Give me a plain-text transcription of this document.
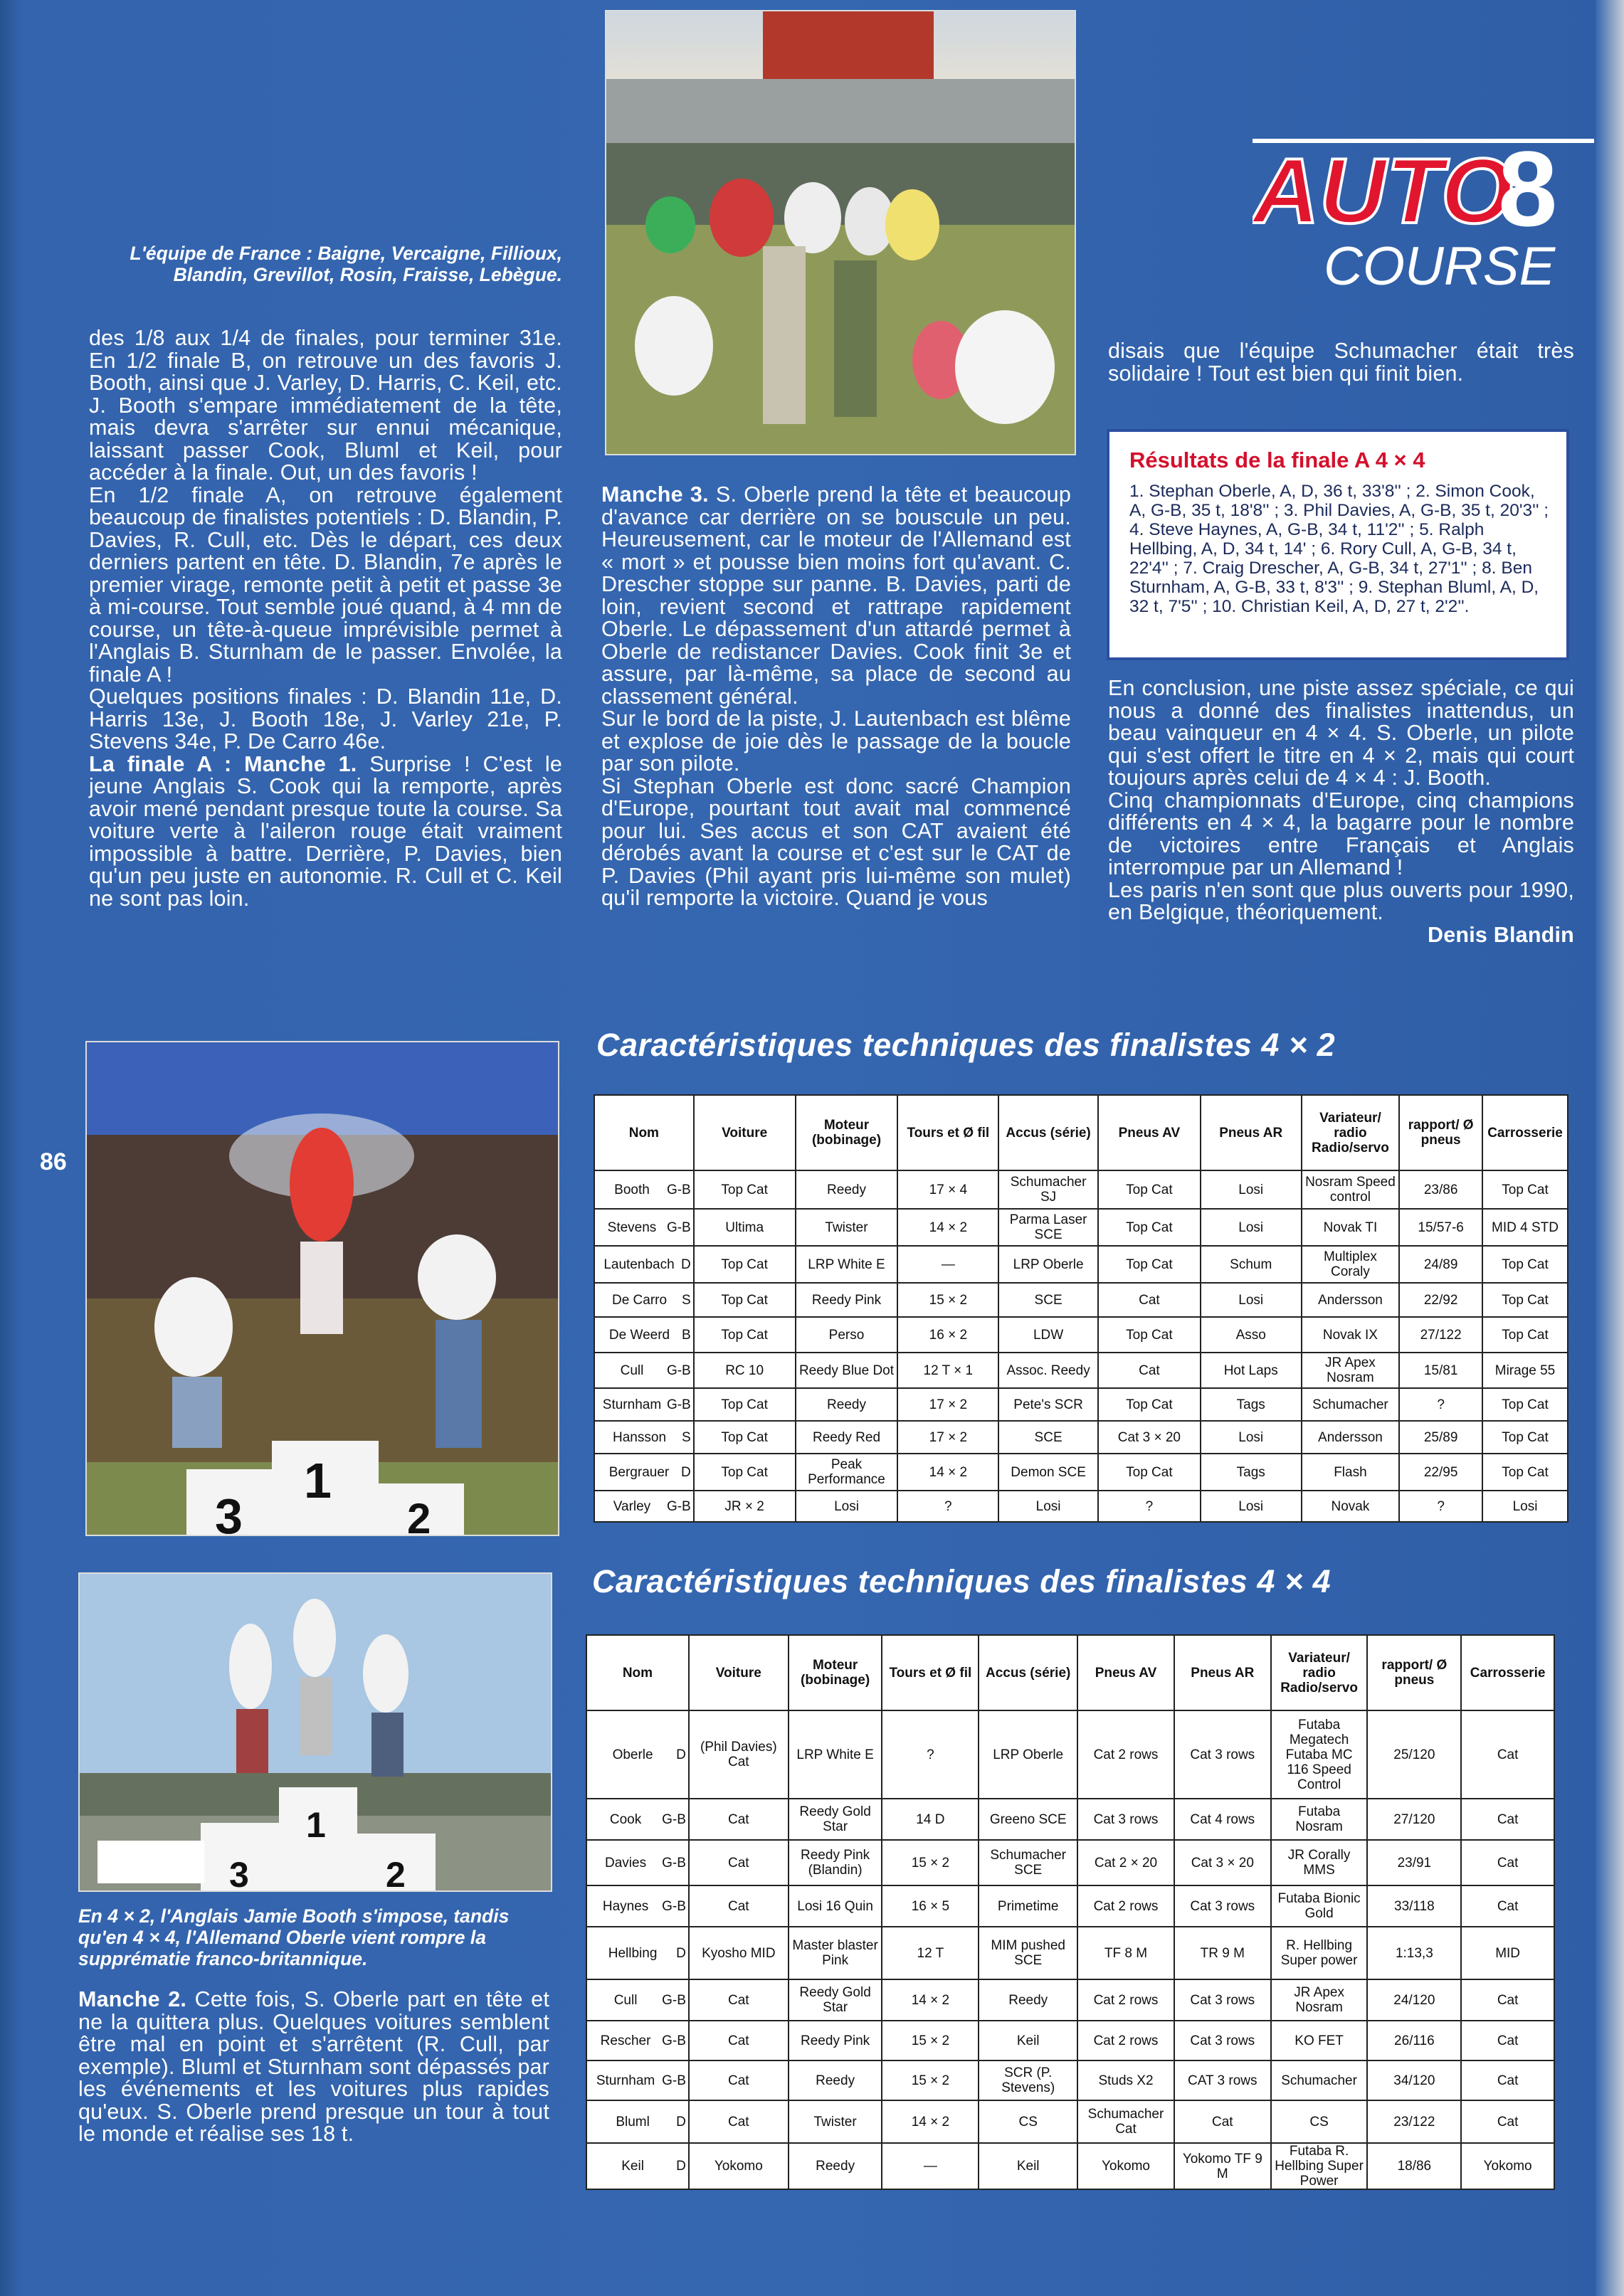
L'équipe de France : Baigne, Vercaigne, Fillioux, Blandin, Grevillot, Rosin, Fraisse, Lebègue.
AUTO
8
COURSE

des 1/8 aux 1/4 de finales, pour terminer 31e. En 1/2 finale B, on retrouve un des favoris J. Booth, ainsi que J. Varley, D. Harris, C. Keil, etc. J. Booth s'empare immédiatement de la tête, mais devra s'arrêter sur ennui mécanique, laissant passer Cook, Bluml et Keil, pour accéder à la finale. Out, un des favoris !

En 1/2 finale A, on retrouve également beaucoup de finalistes potentiels : D. Blandin, P. Davies, R. Cull, etc. Dès le départ, ces deux derniers partent en tête. D. Blandin, 7e après le premier virage, remonte petit à petit et passe 3e à mi-course. Tout semble joué quand, à 4 mn de course, un tête-à-queue imprévisible permet à l'Anglais B. Sturnham de le passer. Envolée, la finale A !

Quelques positions finales : D. Blandin 11e, D. Harris 13e, J. Booth 18e, J. Varley 21e, P. Stevens 34e, P. De Carro 46e.

La finale A : Manche 1. Surprise ! C'est le jeune Anglais S. Cook qui la remporte, après avoir mené pendant presque toute la course. Sa voiture verte à l'aileron rouge était vraiment impossible à battre. Derrière, P. Davies, bien qu'un peu juste en autonomie. R. Cull et C. Keil ne sont pas loin.

Manche 3. S. Oberle prend la tête et beaucoup d'avance car derrière on se bouscule un peu. Heureusement, car le moteur de l'Allemand est « mort » et pousse bien moins fort qu'avant. C. Drescher stoppe sur panne. B. Davies, parti de loin, revient second et rattrape rapidement Oberle. Le dépassement d'un attardé permet à Oberle de redistancer Davies. Cook finit 3e et assure, par là-même, sa place de second au classement général.

Sur le bord de la piste, J. Lautenbach est blême et explose de joie dès le passage de la boucle par son pilote.

Si Stephan Oberle est donc sacré Champion d'Europe, pourtant tout avait mal commencé pour lui. Ses accus et son CAT avaient été dérobés avant la course et c'est sur le CAT de P. Davies (Phil ayant pris lui-même son mulet) qu'il remporte la victoire. Quand je vous

disais que l'équipe Schumacher était très solidaire ! Tout est bien qui finit bien.

Résultats de la finale A 4 × 4

1. Stephan Oberle, A, D, 36 t, 33'8'' ; 2. Simon Cook, A, G-B, 35 t, 18'8'' ; 3. Phil Davies, A, G-B, 35 t, 20'3'' ; 4. Steve Haynes, A, G-B, 34 t, 11'2'' ; 5. Ralph Hellbing, A, D, 34 t, 14' ; 6. Rory Cull, A, G-B, 34 t, 22'4'' ; 7. Craig Drescher, A, G-B, 34 t, 27'1'' ; 8. Ben Sturnham, A, G-B, 33 t, 8'3'' ; 9. Stephan Bluml, A, D, 32 t, 7'5'' ; 10. Christian Keil, A, D, 27 t, 2'2''.

En conclusion, une piste assez spéciale, ce qui nous a donné des finalistes inattendus, un beau vainqueur en 4 × 4. S. Oberle, un pilote qui s'est offert le titre en 4 × 2, mais qui court toujours après celui de 4 × 4 : J. Booth.

Cinq championnats d'Europe, cinq champions différents en 4 × 4, la bagarre pour le nombre de victoires entre Français et Anglais interrompue par un Allemand !

Les paris n'en sont que plus ouverts pour 1990, en Belgique, théoriquement.

Denis Blandin

1
3	2
86
1
3	2
En 4 × 2, l'Anglais Jamie Booth s'impose, tandis qu'en 4 × 4, l'Allemand Oberle vient rompre la supprématie franco-britannique.

Manche 2. Cette fois, S. Oberle part en tête et ne la quittera plus. Quelques voitures semblent être mal en point et s'arrêtent (R. Cull, par exemple). Bluml et Sturnham sont dépassés par les événements et les voitures plus rapides qu'eux. S. Oberle prend presque un tour à tout le monde et réalise ses 18 t.

Caractéristiques techniques des finalistes 4 × 2
Nom	Voiture	Moteur (bobinage)	Tours et Ø fil	Accus (série)	Pneus AV	Pneus AR	Variateur/ radio Radio/servo	rapport/ Ø pneus	Carrosserie
Booth G-B	Top Cat	Reedy	17 × 4	Schumacher SJ	Top Cat	Losi	Nosram Speed control	23/86	Top Cat
Stevens G-B	Ultima	Twister	14 × 2	Parma Laser SCE	Top Cat	Losi	Novak TI	15/57-6	MID 4 STD
Lautenbach D	Top Cat	LRP White E	—	LRP Oberle	Top Cat	Schum	Multiplex Coraly	24/89	Top Cat
De Carro S	Top Cat	Reedy Pink	15 × 2	SCE	Cat	Losi	Andersson	22/92	Top Cat
De Weerd B	Top Cat	Perso	16 × 2	LDW	Top Cat	Asso	Novak IX	27/122	Top Cat
Cull G-B	RC 10	Reedy Blue Dot	12 T × 1	Assoc. Reedy	Cat	Hot Laps	JR Apex Nosram	15/81	Mirage 55
Sturnham G-B	Top Cat	Reedy	17 × 2	Pete's SCR	Top Cat	Tags	Schumacher	?	Top Cat
Hansson S	Top Cat	Reedy Red	17 × 2	SCE	Cat 3 × 20	Losi	Andersson	25/89	Top Cat
Bergrauer D	Top Cat	Peak Performance	14 × 2	Demon SCE	Top Cat	Tags	Flash	22/95	Top Cat
Varley G-B	JR × 2	Losi	?	Losi	?	Losi	Novak	?	Losi
Caractéristiques techniques des finalistes 4 × 4
Nom	Voiture	Moteur (bobinage)	Tours et Ø fil	Accus (série)	Pneus AV	Pneus AR	Variateur/ radio Radio/servo	rapport/ Ø pneus	Carrosserie
Oberle D	(Phil Davies) Cat	LRP White E	?	LRP Oberle	Cat 2 rows	Cat 3 rows	Futaba Megatech Futaba MC 116 Speed Control	25/120	Cat
Cook G-B	Cat	Reedy Gold Star	14 D	Greeno SCE	Cat 3 rows	Cat 4 rows	Futaba Nosram	27/120	Cat
Davies G-B	Cat	Reedy Pink (Blandin)	15 × 2	Schumacher SCE	Cat 2 × 20	Cat 3 × 20	JR Corally MMS	23/91	Cat
Haynes G-B	Cat	Losi 16 Quin	16 × 5	Primetime	Cat 2 rows	Cat 3 rows	Futaba Bionic Gold	33/118	Cat
Hellbing D	Kyosho MID	Master blaster Pink	12 T	MIM pushed SCE	TF 8 M	TR 9 M	R. Hellbing Super power	1:13,3	MID
Cull G-B	Cat	Reedy Gold Star	14 × 2	Reedy	Cat 2 rows	Cat 3 rows	JR Apex Nosram	24/120	Cat
Rescher G-B	Cat	Reedy Pink	15 × 2	Keil	Cat 2 rows	Cat 3 rows	KO FET	26/116	Cat
Sturnham G-B	Cat	Reedy	15 × 2	SCR (P. Stevens)	Studs X2	CAT 3 rows	Schumacher	34/120	Cat
Bluml D	Cat	Twister	14 × 2	CS	Schumacher Cat	Cat	CS	23/122	Cat
Keil D	Yokomo	Reedy	—	Keil	Yokomo	Yokomo TF 9 M	Futaba R. Hellbing Super Power	18/86	Yokomo
